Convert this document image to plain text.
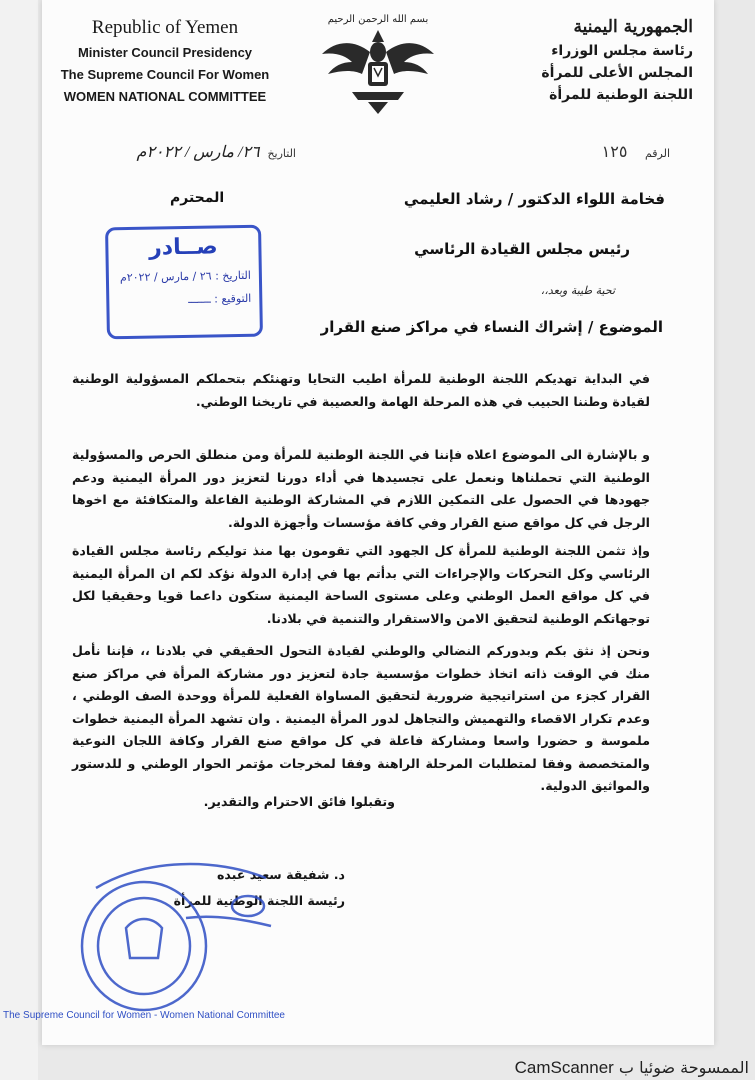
Republic of Yemen
Minister Council Presidency
The Supreme Council For Women
WOMEN NATIONAL COMMITTEE
بسم الله الرحمن الرحيم	الجمهورية اليمنية
رئاسة مجلس الوزراء
المجلس الأعلى للمرأة
اللجنة الوطنية للمرأة
التاريخ ٢٦/ مارس / ٢٠٢٢م	الرقم ١٢٥
فخامة اللواء الدكتور / رشاد العليمي
المحترم
رئيس مجلس القيادة الرئاسي
تحية طيبة وبعد،،
صــادر
التاريخ : ٢٦ / مارس / ٢٠٢٢م
التوقيع : ـــــــ
الموضوع / إشراك النساء في مراكز صنع القرار
في البداية تهديكم اللجنة الوطنية للمرأة اطيب التحايا وتهنئكم بتحملكم المسؤولية الوطنية لقيادة وطننا الحبيب في هذه المرحلة الهامة والعصيبة في تاريخنا الوطني.
و بالإشارة الى الموضوع اعلاه فإننا في اللجنة الوطنية للمرأة ومن منطلق الحرص والمسؤولية الوطنية التي تحملناها ونعمل على تجسيدها في أداء دورنا لتعزيز دور المرأة اليمنية ودعم جهودها في الحصول على التمكين اللازم في المشاركة الوطنية الفاعلة والمتكافئة مع اخوها الرجل في كل مواقع صنع القرار وفي كافة مؤسسات وأجهزة الدولة.
وإذ تثمن اللجنة الوطنية للمرأة كل الجهود التي تقومون بها منذ توليكم رئاسة مجلس القيادة الرئاسي وكل التحركات والإجراءات التي بدأتم بها في إدارة الدولة نؤكد لكم ان المرأة اليمنية في كل مواقع العمل الوطني وعلى مستوى الساحة اليمنية ستكون داعما قويا وحقيقيا لكل توجهاتكم الوطنية لتحقيق الامن والاستقرار والتنمية في بلادنا.
ونحن إذ نثق بكم وبدوركم النضالي والوطني لقيادة التحول الحقيقي في بلادنا ،، فإننا نأمل منك في الوقت ذاته اتخاذ خطوات مؤسسية جادة لتعزيز دور مشاركة المرأة في مراكز صنع القرار كجزء من استراتيجية ضرورية لتحقيق المساواة الفعلية للمرأة ووحدة الصف الوطني ، وعدم تكرار الاقصاء والتهميش والتجاهل لدور المرأة اليمنية . وان تشهد المرأة اليمنية خطوات ملموسة و حضورا واسعا ومشاركة فاعلة في كل مواقع صنع القرار وكافة اللجان النوعية والمتخصصة وفقا لمتطلبات المرحلة الراهنة وفقا لمخرجات مؤتمر الحوار الوطني و للدستور والمواثيق الدولية.
وتقبلوا فائق الاحترام والتقدير.
د. شفيقة سعيد عبده
رئيسة اللجنة الوطنية للمرأة
The Supreme Council for Women - Women National Committee
الممسوحة ضوئيا ب CamScanner
